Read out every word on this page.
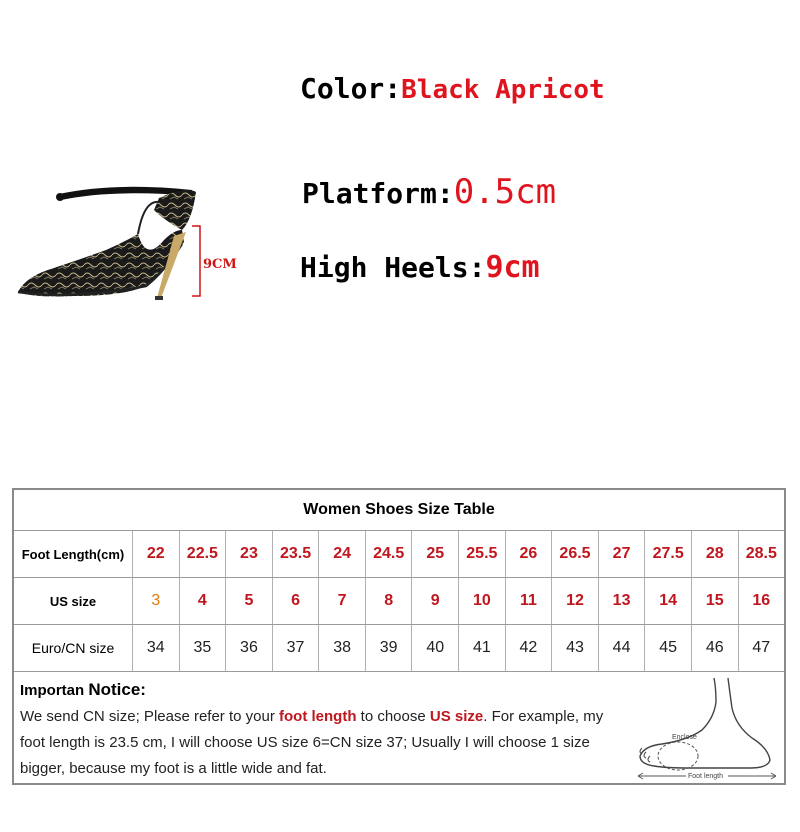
Color:Black Apricot
Platform:0.5cm
High Heels:9cm
9CM
Women Shoes Size Table
Foot Length(cm)	22	22.5	23	23.5	24	24.5	25	25.5	26	26.5	27	27.5	28	28.5
US size	3	4	5	6	7	8	9	10	11	12	13	14	15	16
Euro/CN size	34	35	36	37	38	39	40	41	42	43	44	45	46	47
Importan Notice:
We send CN size; Please refer to your foot length to choose US size. For example, my foot length is 23.5 cm, I will choose US size 6=CN size 37; Usually I will choose 1 size bigger, because my foot is a little wide and fat.
Enclose
Foot length
